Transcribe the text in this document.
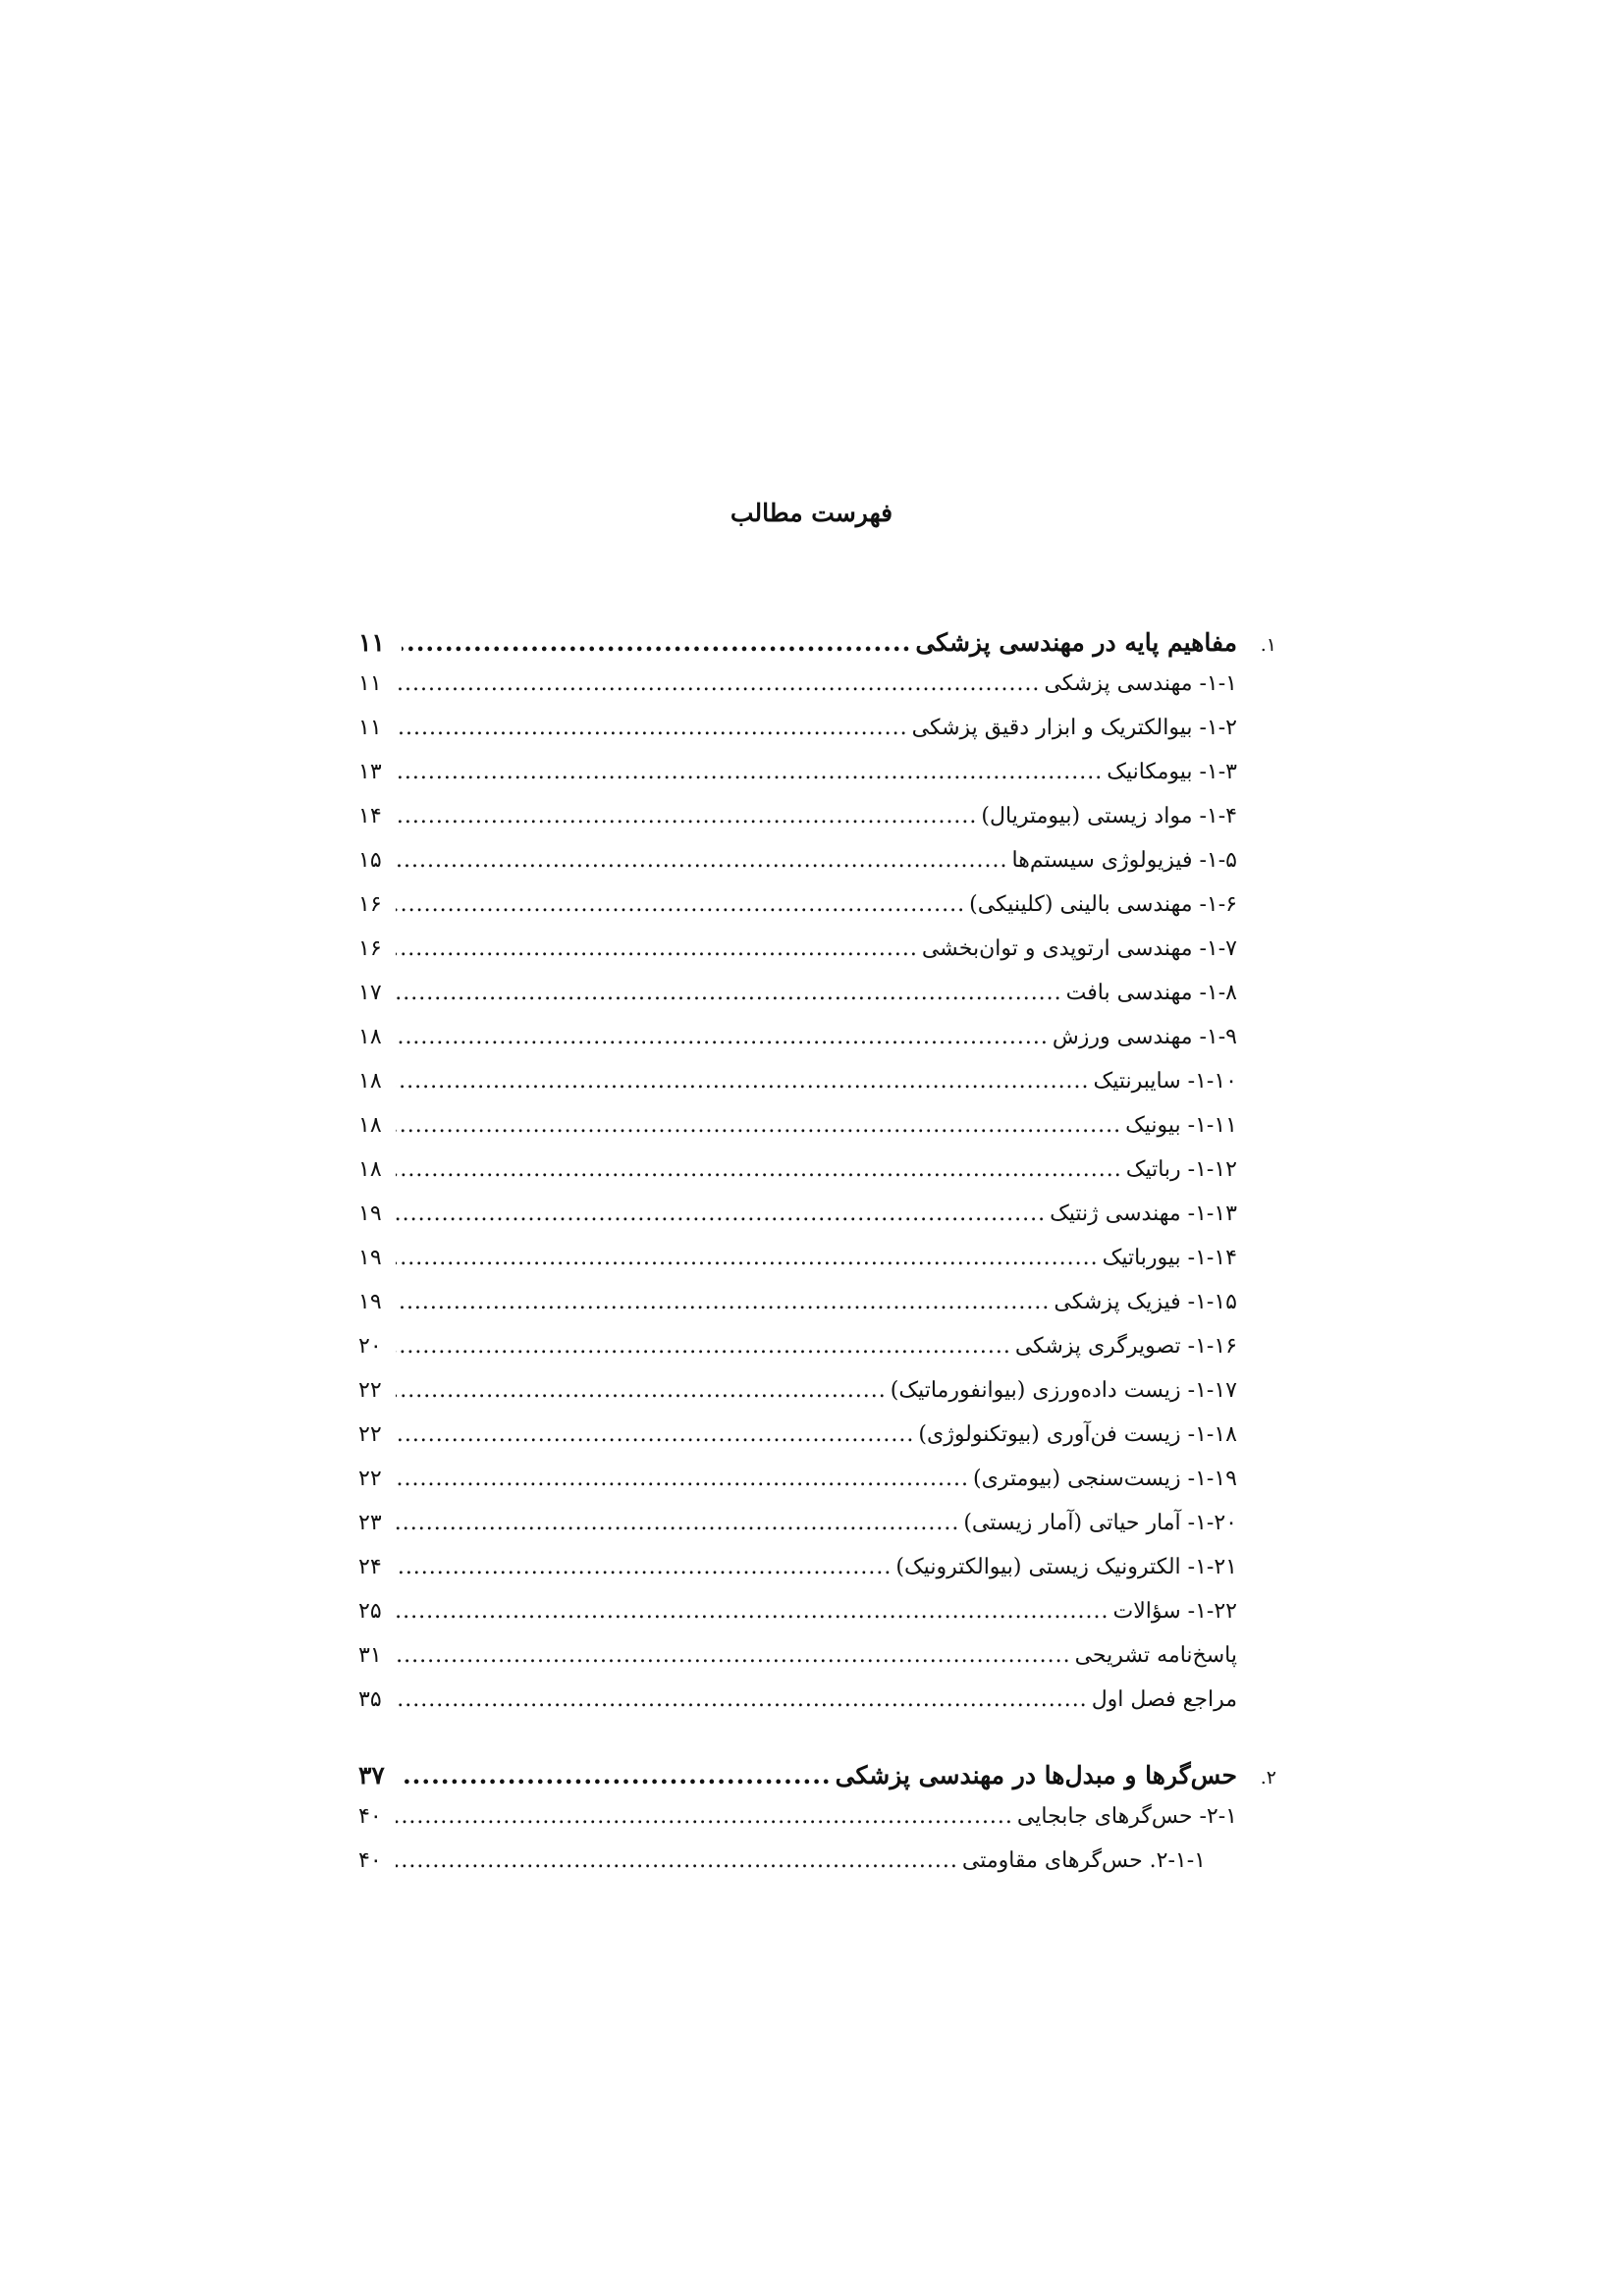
فهرست مطالب
۱.
مفاهیم پایه در مهندسی پزشکی
.....
۱۱
۱-۱- مهندسی پزشکی
.....
۱۱
۱-۲- بیوالکتریک و ابزار دقیق پزشکی
.....
۱۱
۱-۳- بیومکانیک
.....
۱۳
۱-۴- مواد زیستی (بیومتریال)
.....
۱۴
۱-۵- فیزیولوژی سیستم‌ها
.....
۱۵
۱-۶- مهندسی بالینی (کلینیکی)
.....
۱۶
۱-۷- مهندسی ارتوپدی و توان‌بخشی
.....
۱۶
۱-۸- مهندسی بافت
.....
۱۷
۱-۹- مهندسی ورزش
.....
۱۸
۱-۱۰- سایبرنتیک
.....
۱۸
۱-۱۱- بیونیک
.....
۱۸
۱-۱۲- رباتیک
.....
۱۸
۱-۱۳- مهندسی ژنتیک
.....
۱۹
۱-۱۴- بیورباتیک
.....
۱۹
۱-۱۵- فیزیک پزشکی
.....
۱۹
۱-۱۶- تصویرگری پزشکی
.....
۲۰
۱-۱۷- زیست داده‌ورزی (بیوانفورماتیک)
.....
۲۲
۱-۱۸- زیست فن‌آوری (بیوتکنولوژی)
.....
۲۲
۱-۱۹- زیست‌سنجی (بیومتری)
.....
۲۲
۱-۲۰- آمار حیاتی (آمار زیستی)
.....
۲۳
۱-۲۱- الکترونیک زیستی (بیوالکترونیک)
.....
۲۴
۱-۲۲- سؤالات
.....
۲۵
پاسخ‌نامه تشریحی
.....
۳۱
مراجع فصل اول
.....
۳۵
۲.
حس‌گرها و مبدل‌ها در مهندسی پزشکی
.....
۳۷
۲-۱- حس‌گرهای جابجایی
.....
۴۰
۲-۱-۱. حس‌گرهای مقاومتی
.....
۴۰
